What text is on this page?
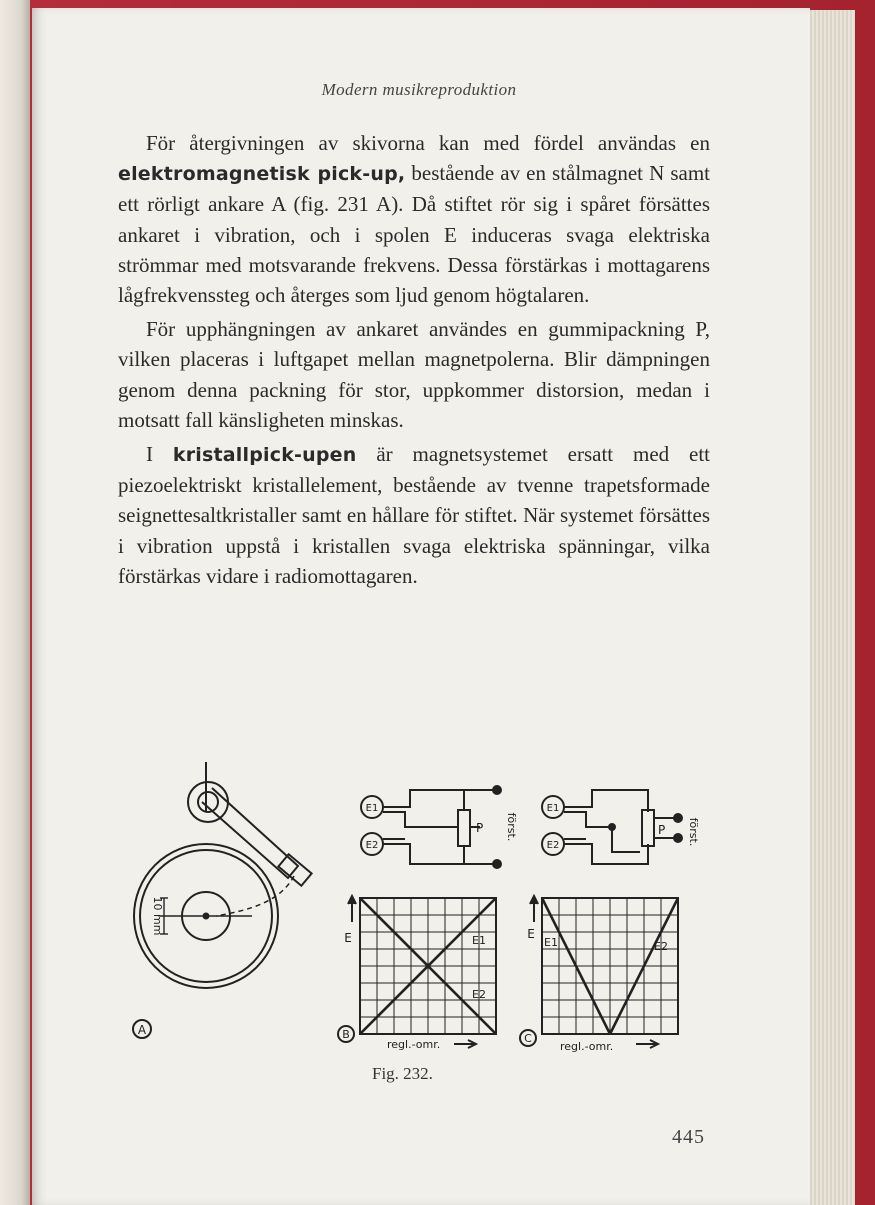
Modern musikreproduktion

För återgivningen av skivorna kan med fördel användas en elektromagnetisk pick-up, bestående av en stålmagnet N samt ett rörligt ankare A (fig. 231 A). Då stiftet rör sig i spåret försättes ankaret i vibration, och i spolen E induceras svaga elektriska strömmar med motsvarande frekvens. Dessa förstärkas i mottagarens lågfrekvenssteg och återges som ljud genom högtalaren.

För upphängningen av ankaret användes en gummipackning P, vilken placeras i luftgapet mellan magnetpolerna. Blir dämpningen genom denna packning för stor, uppkommer distorsion, medan i motsatt fall känsligheten minskas.

I kristallpick-upen är magnetsystemet ersatt med ett piezoelektriskt kristallelement, bestående av tvenne trapetsformade seignettesaltkristaller samt en hållare för stiftet. När systemet försättes i vibration uppstå i kristallen svaga elektriska spänningar, vilka förstärkas vidare i radiomottagaren.

A
10 mm
E1
E2
P först.
E1
E2
P först.
E	E1
E2
regl.-omr.
B
E
E1	E2
regl.-omr.
C
Fig. 232.
445
